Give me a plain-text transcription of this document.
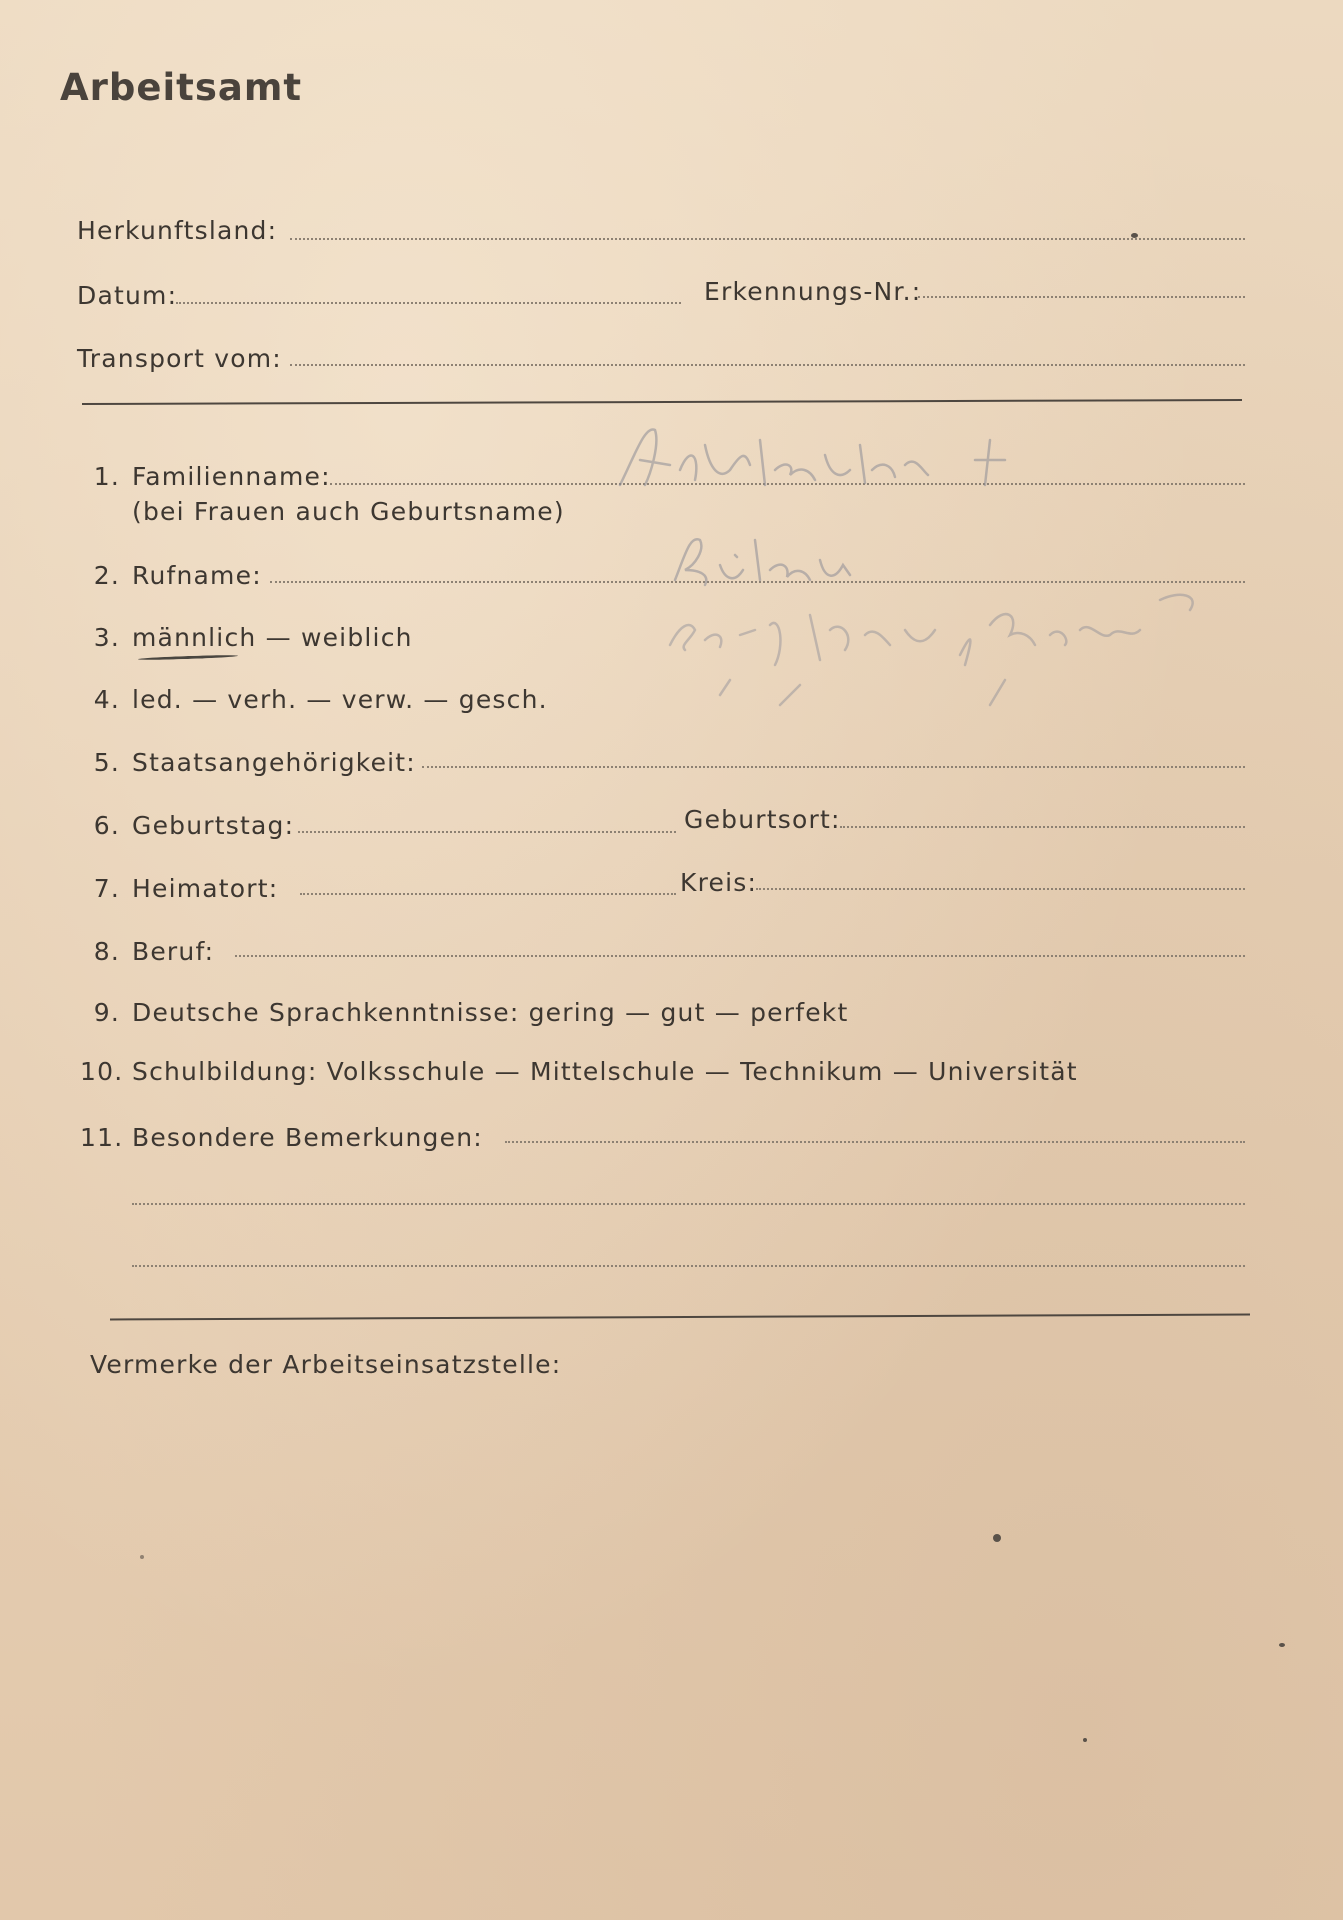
Arbeitsamt
Herkunftsland:
Datum:	Erkennungs-Nr.:
Transport vom:
1. Familienname:
(bei Frauen auch Geburtsname)
2. Rufname:
3. männlich — weiblich
4. led. — verh. — verw. — gesch.
5. Staatsangehörigkeit:
6. Geburtstag:	Geburtsort:
7. Heimatort:	Kreis:
8. Beruf:
9. Deutsche Sprachkenntnisse: gering — gut — perfekt
10. Schulbildung: Volksschule — Mittelschule — Technikum — Universität
11. Besondere Bemerkungen:
Vermerke der Arbeitseinsatzstelle:
